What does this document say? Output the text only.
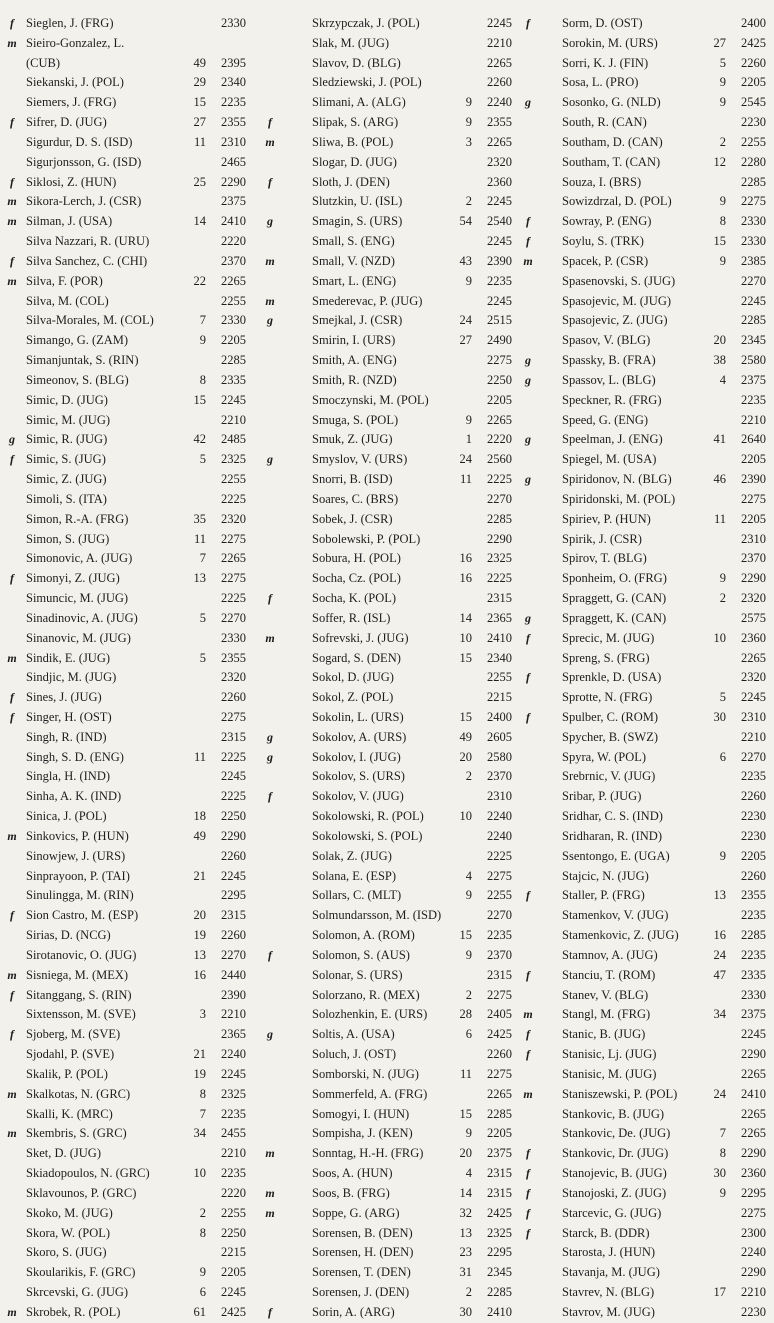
f Sieglen, J. (FRG)	2330
m Sieiro-Gonzalez, L.
(CUB)	49	2395
Siekanski, J. (POL)	29	2340
Siemers, J. (FRG)	15	2235
f Sifrer, D. (JUG)	27	2355
Sigurdur, D. S. (ISD)	11	2310
Sigurjonsson, G. (ISD)	2465
f Siklosi, Z. (HUN)	25	2290
m Sikora-Lerch, J. (CSR)	2375
m Silman, J. (USA)	14	2410
Silva Nazzari, R. (URU)	2220
f Silva Sanchez, C. (CHI)	2370
m Silva, F. (POR)	22	2265
Silva, M. (COL)	2255
Silva-Morales, M. (COL)	7	2330
Simango, G. (ZAM)	9	2205
Simanjuntak, S. (RIN)	2285
Simeonov, S. (BLG)	8	2335
Simic, D. (JUG)	15	2245
Simic, M. (JUG)	2210
g Simic, R. (JUG)	42	2485
f Simic, S. (JUG)	5	2325
Simic, Z. (JUG)	2255
Simoli, S. (ITA)	2225
Simon, R.-A. (FRG)	35	2320
Simon, S. (JUG)	11	2275
Simonovic, A. (JUG)	7	2265
f Simonyi, Z. (JUG)	13	2275
Simuncic, M. (JUG)	2225
Sinadinovic, A. (JUG)	5	2270
Sinanovic, M. (JUG)	2330
m Sindik, E. (JUG)	5	2355
Sindjic, M. (JUG)	2320
f Sines, J. (JUG)	2260
f Singer, H. (OST)	2275
Singh, R. (IND)	2315
Singh, S. D. (ENG)	11	2225
Singla, H. (IND)	2245
Sinha, A. K. (IND)	2225
Sinica, J. (POL)	18	2250
m Sinkovics, P. (HUN)	49	2290
Sinowjew, J. (URS)	2260
Sinprayoon, P. (TAI)	21	2245
Sinulingga, M. (RIN)	2295
f Sion Castro, M. (ESP)	20	2315
Sirias, D. (NCG)	19	2260
Sirotanovic, O. (JUG)	13	2270
m Sisniega, M. (MEX)	16	2440
f Sitanggang, S. (RIN)	2390
Sixtensson, M. (SVE)	3	2210
f Sjoberg, M. (SVE)	2365
Sjodahl, P. (SVE)	21	2240
Skalik, P. (POL)	19	2245
m Skalkotas, N. (GRC)	8	2325
Skalli, K. (MRC)	7	2235
m Skembris, S. (GRC)	34	2455
Sket, D. (JUG)	2210
Skiadopoulos, N. (GRC)	10	2235
Sklavounos, P. (GRC)	2220
Skoko, M. (JUG)	2	2255
Skora, W. (POL)	8	2250
Skoro, S. (JUG)	2215
Skoularikis, F. (GRC)	9	2205
Skrcevski, G. (JUG)	6	2245
m Skrobek, R. (POL)	61	2425
Skrzypczak, J. (POL)	2245
Slak, M. (JUG)	2210
Slavov, D. (BLG)	2265
Sledziewski, J. (POL)	2260
Slimani, A. (ALG)	9	2240
f	Slipak, S. (ARG)	9	2355
m	Sliwa, B. (POL)	3	2265
Slogar, D. (JUG)	2320
f	Sloth, J. (DEN)	2360
Slutzkin, U. (ISL)	2	2245
g	Smagin, S. (URS)	54	2540
Small, S. (ENG)	2245
m	Small, V. (NZD)	43	2390
Smart, L. (ENG)	9	2235
m	Smederevac, P. (JUG)	2245
g	Smejkal, J. (CSR)	24	2515
Smirin, I. (URS)	27	2490
Smith, A. (ENG)	2275
Smith, R. (NZD)	2250
Smoczynski, M. (POL)	2205
Smuga, S. (POL)	9	2265
Smuk, Z. (JUG)	1	2220
g	Smyslov, V. (URS)	24	2560
Snorri, B. (ISD)	11	2225
Soares, C. (BRS)	2270
Sobek, J. (CSR)	2285
Sobolewski, P. (POL)	2290
Sobura, H. (POL)	16	2325
Socha, Cz. (POL)	16	2225
f	Socha, K. (POL)	2315
Soffer, R. (ISL)	14	2365
m	Sofrevski, J. (JUG)	10	2410
Sogard, S. (DEN)	15	2340
Sokol, D. (JUG)	2255
Sokol, Z. (POL)	2215
Sokolin, L. (URS)	15	2400
g	Sokolov, A. (URS)	49	2605
g	Sokolov, I. (JUG)	20	2580
Sokolov, S. (URS)	2	2370
f	Sokolov, V. (JUG)	2310
Sokolowski, R. (POL)	10	2240
Sokolowski, S. (POL)	2240
Solak, Z. (JUG)	2225
Solana, E. (ESP)	4	2275
Sollars, C. (MLT)	9	2255
Solmundarsson, M. (ISD)	2270
Solomon, A. (ROM)	15	2235
f	Solomon, S. (AUS)	9	2370
Solonar, S. (URS)	2315
Solorzano, R. (MEX)	2	2275
Solozhenkin, E. (URS)	28	2405
g	Soltis, A. (USA)	6	2425
Soluch, J. (OST)	2260
Somborski, N. (JUG)	11	2275
Sommerfeld, A. (FRG)	2265
Somogyi, I. (HUN)	15	2285
Sompisha, J. (KEN)	9	2205
m	Sonntag, H.-H. (FRG)	20	2375
Soos, A. (HUN)	4	2315
m	Soos, B. (FRG)	14	2315
m	Soppe, G. (ARG)	32	2425
Sorensen, B. (DEN)	13	2325
Sorensen, H. (DEN)	23	2295
Sorensen, T. (DEN)	31	2345
Sorensen, J. (DEN)	2	2285
f	Sorin, A. (ARG)	30	2410
f	Sorm, D. (OST)	2400
Sorokin, M. (URS)	27	2425
Sorri, K. J. (FIN)	5	2260
Sosa, L. (PRO)	9	2205
g	Sosonko, G. (NLD)	9	2545
South, R. (CAN)	2230
Southam, D. (CAN)	2	2255
Southam, T. (CAN)	12	2280
Souza, I. (BRS)	2285
Sowizdrzal, D. (POL)	9	2275
f	Sowray, P. (ENG)	8	2330
f	Soylu, S. (TRK)	15	2330
m Spacek, P. (CSR)	9	2385
Spasenovski, S. (JUG)	2270
Spasojevic, M. (JUG)	2245
Spasojevic, Z. (JUG)	2285
Spasov, V. (BLG)	20	2345
g	Spassky, B. (FRA)	38	2580
g	Spassov, L. (BLG)	4	2375
Speckner, R. (FRG)	2235
Speed, G. (ENG)	2210
g	Speelman, J. (ENG)	41	2640
Spiegel, M. (USA)	2205
g	Spiridonov, N. (BLG)	46	2390
Spiridonski, M. (POL)	2275
Spiriev, P. (HUN)	11	2205
Spirik, J. (CSR)	2310
Spirov, T. (BLG)	2370
Sponheim, O. (FRG)	9	2290
Spraggett, G. (CAN)	2	2320
g	Spraggett, K. (CAN)	2575
f	Sprecic, M. (JUG)	10	2360
Spreng, S. (FRG)	2265
f	Sprenkle, D. (USA)	2320
Sprotte, N. (FRG)	5	2245
f	Spulber, C. (ROM)	30	2310
Spycher, B. (SWZ)	2210
Spyra, W. (POL)	6	2270
Srebrnic, V. (JUG)	2235
Sribar, P. (JUG)	2260
Sridhar, C. S. (IND)	2230
Sridharan, R. (IND)	2230
Ssentongo, E. (UGA)	9	2205
Stajcic, N. (JUG)	2260
f	Staller, P. (FRG)	13	2355
Stamenkov, V. (JUG)	2235
Stamenkovic, Z. (JUG)	16	2285
Stamnov, A. (JUG)	24	2235
f	Stanciu, T. (ROM)	47	2335
Stanev, V. (BLG)	2330
m Stangl, M. (FRG)	34	2375
f	Stanic, B. (JUG)	2245
f	Stanisic, Lj. (JUG)	2290
Stanisic, M. (JUG)	2265
m Staniszewski, P. (POL)	24	2410
Stankovic, B. (JUG)	2265
Stankovic, De. (JUG)	7	2265
f	Stankovic, Dr. (JUG)	8	2290
f	Stanojevic, B. (JUG)	30	2360
f	Stanojoski, Z. (JUG)	9	2295
f	Starcevic, G. (JUG)	2275
f	Starck, B. (DDR)	2300
Starosta, J. (HUN)	2240
Stavanja, M. (JUG)	2290
Stavrev, N. (BLG)	17	2210
Stavrov, M. (JUG)	2230
